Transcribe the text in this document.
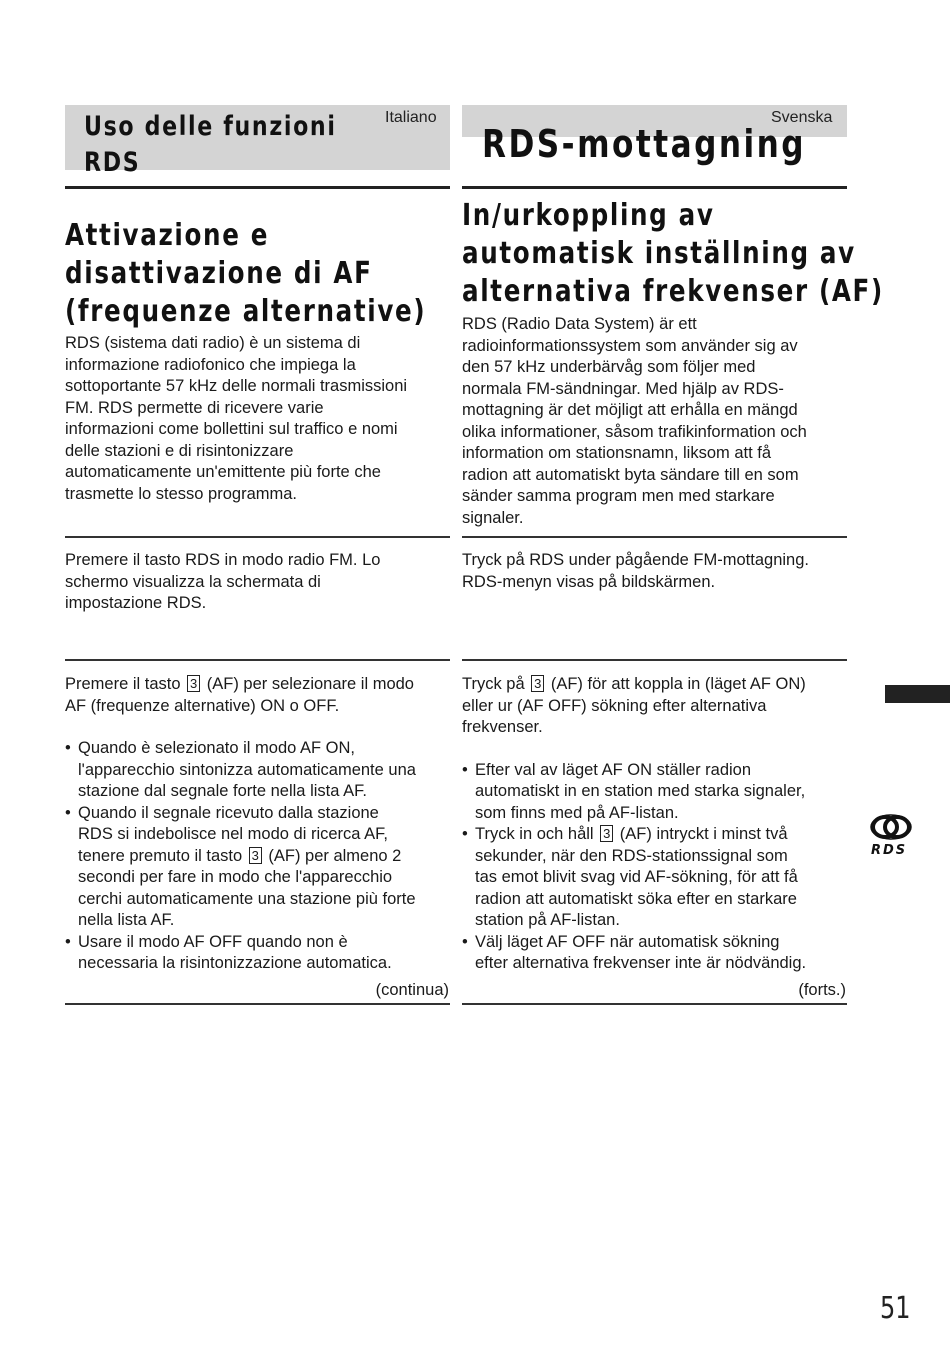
Uso delle funzioni
RDS
Italiano	Svenska
RDS-mottagning
Attivazione e
disattivazione di AF
(frequenze alternative)
In/urkoppling av
automatisk inställning av
alternativa frekvenser (AF)

RDS (sistema dati radio) è un sistema di

informazione radiofonico che impiega la

sottoportante 57 kHz delle normali trasmissioni

FM. RDS permette di ricevere varie

informazioni come bollettini sul traffico e nomi

delle stazioni e di risintonizzare

automaticamente un'emittente più forte che

trasmette lo stesso programma.

RDS (Radio Data System) är ett

radioinformationssystem som använder sig av

den 57 kHz underbärvåg som följer med

normala FM-sändningar. Med hjälp av RDS-

mottagning är det möjligt att erhålla en mängd

olika informationer, såsom trafikinformation och

information om stationsnamn, liksom att få

radion att automatiskt byta sändare till en som

sänder samma program men med starkare

signaler.

Premere il tasto RDS in modo radio FM. Lo

schermo visualizza la schermata di

impostazione RDS.

Tryck på RDS under pågående FM-mottagning.

RDS-menyn visas på bildskärmen.

Premere il tasto 3 (AF) per selezionare il modo

AF (frequenze alternative) ON o OFF.

• Quando è selezionato il modo AF ON,

l'apparecchio sintonizza automaticamente una

stazione dal segnale forte nella lista AF.

• Quando il segnale ricevuto dalla stazione

RDS si indebolisce nel modo di ricerca AF,

tenere premuto il tasto 3 (AF) per almeno 2

secondi per fare in modo che l'apparecchio

cerchi automaticamente una stazione più forte

nella lista AF.

• Usare il modo AF OFF quando non è

necessaria la risintonizzazione automatica.

(continua)

Tryck på 3 (AF) för att koppla in (läget AF ON)

eller ur (AF OFF) sökning efter alternativa

frekvenser.

• Efter val av läget AF ON ställer radion

automatiskt in en station med starka signaler,

som finns med på AF-listan.

• Tryck in och håll 3 (AF) intryckt i minst två

sekunder, när den RDS-stationssignal som

tas emot blivit svag vid AF-sökning, för att få

radion att automatiskt söka efter en starkare

station på AF-listan.

• Välj läget AF OFF när automatisk sökning

efter alternativa frekvenser inte är nödvändig.

(forts.)
RDS
51
